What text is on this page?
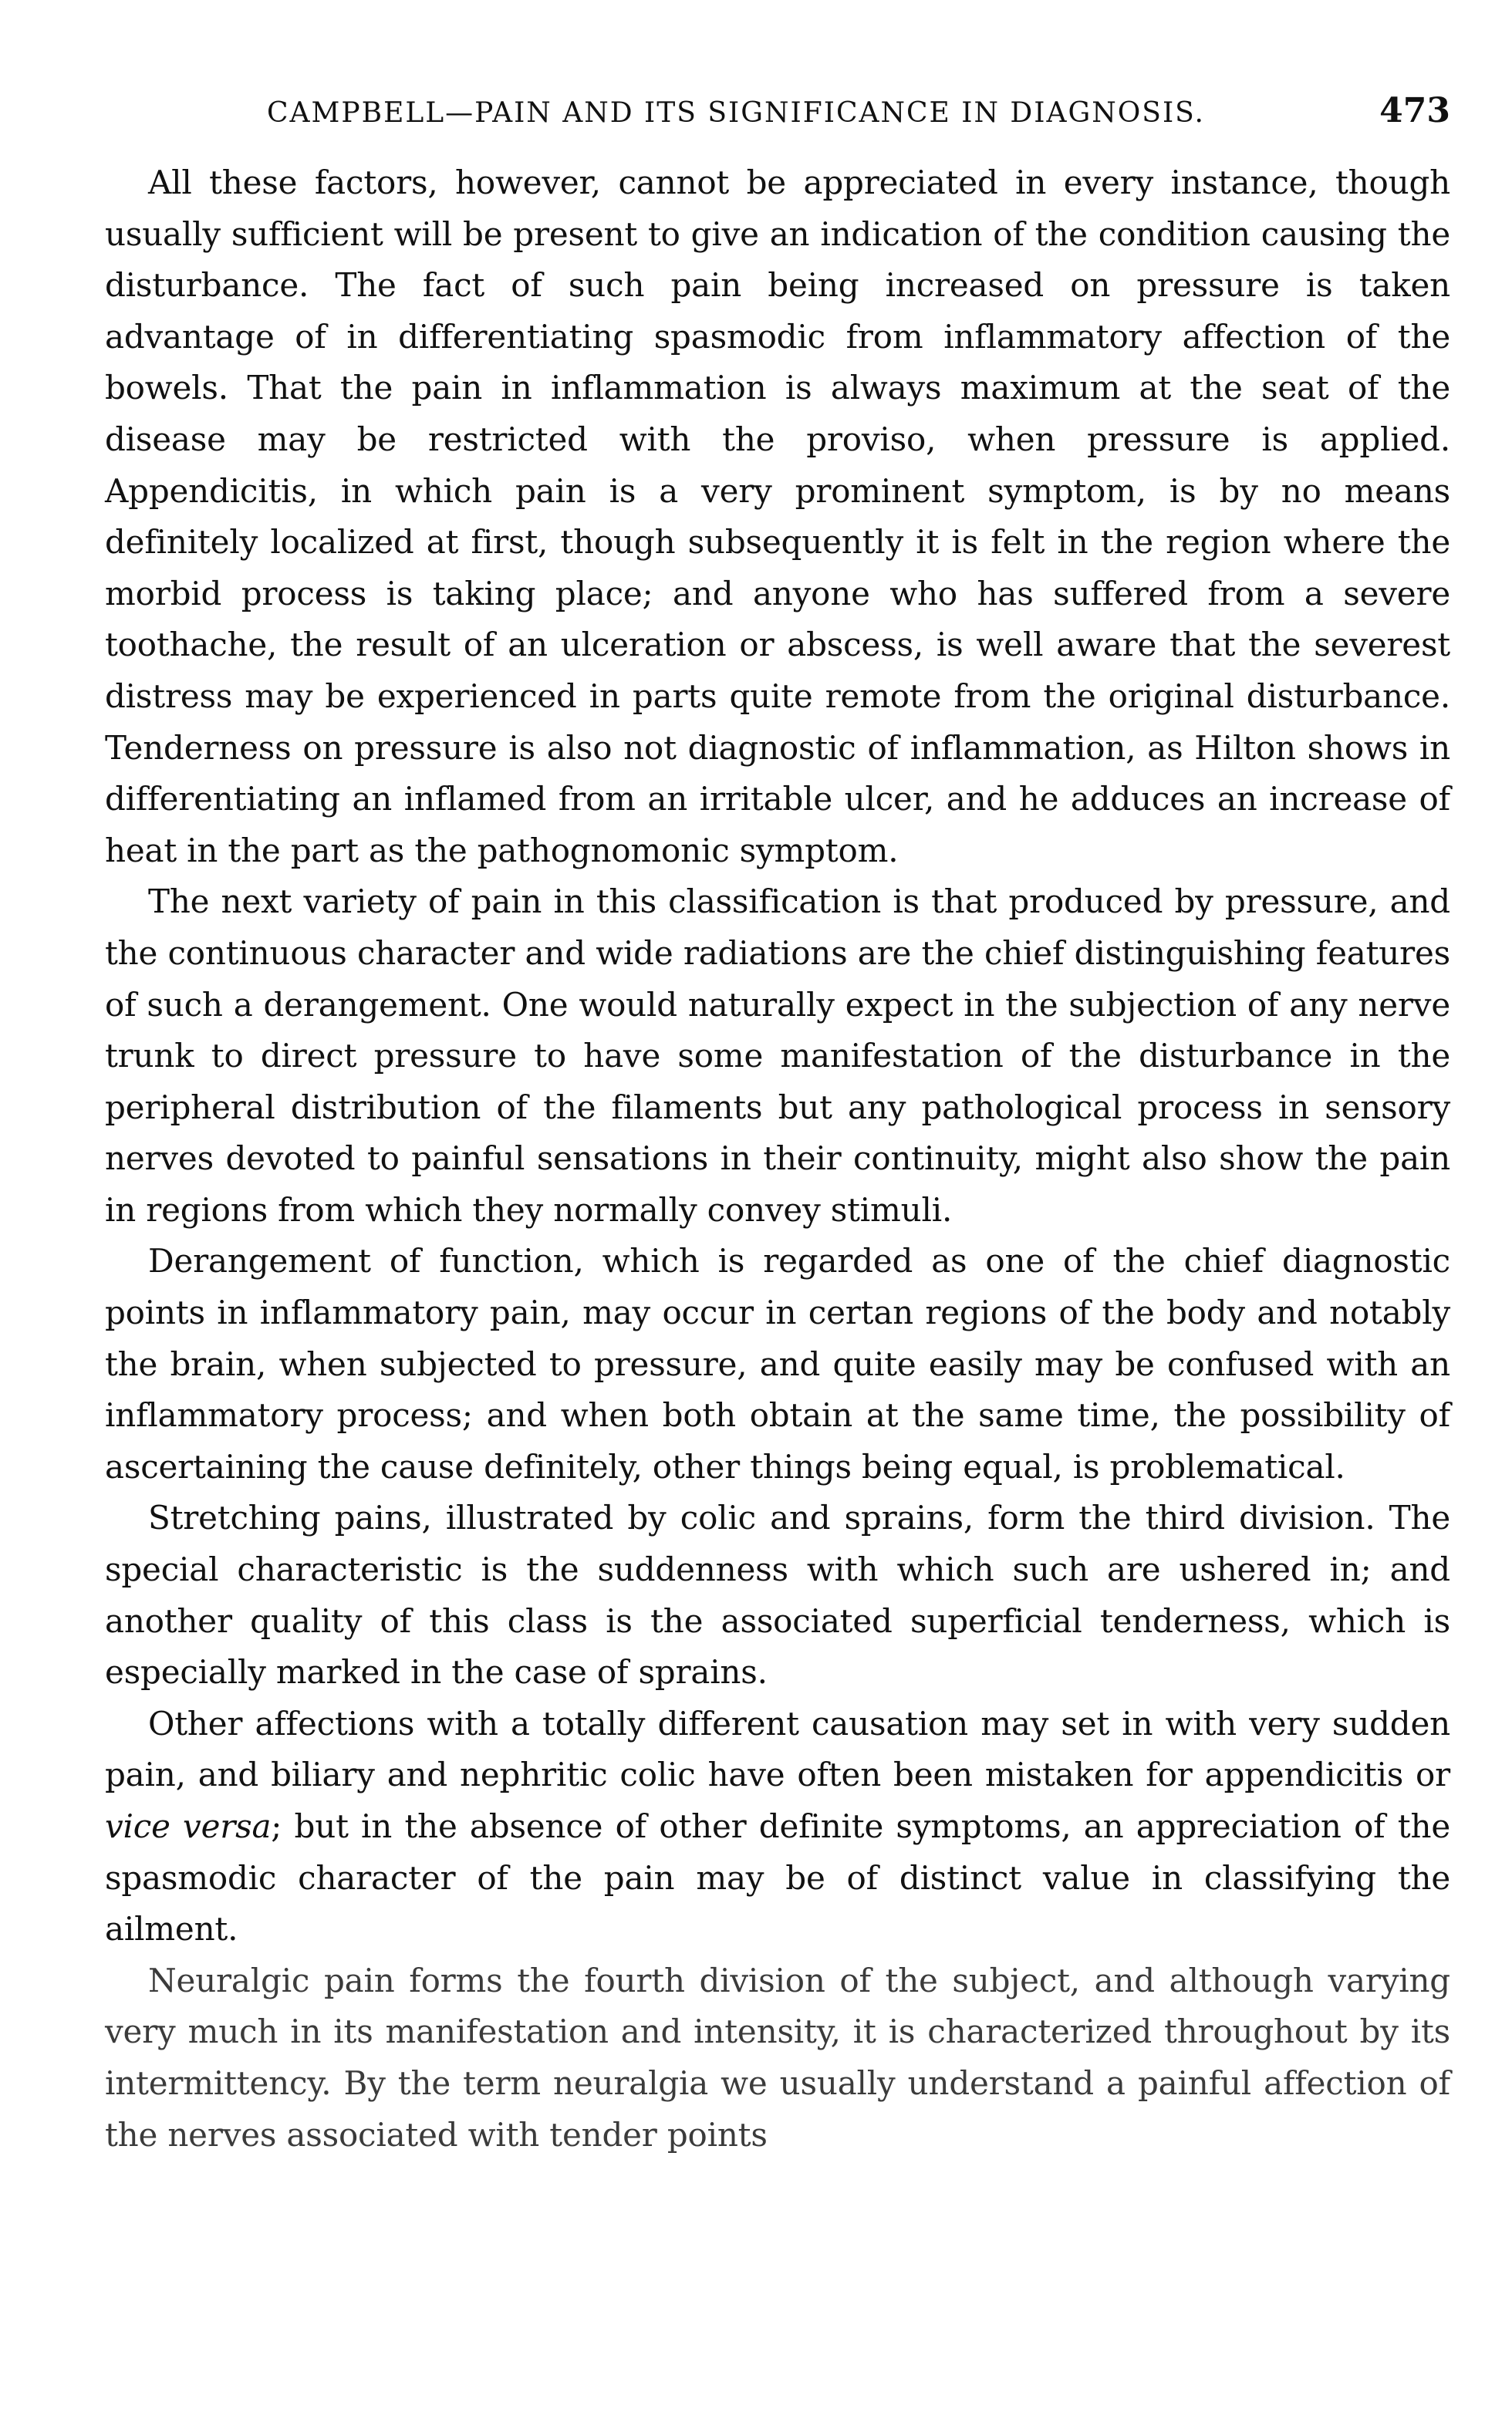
CAMPBELL—PAIN AND ITS SIGNIFICANCE IN DIAGNOSIS.	473

All these factors, however, cannot be appreciated in every instance, though usually sufficient will be present to give an indication of the condition causing the disturbance. The fact of such pain being increased on pressure is taken advantage of in differentiating spasmodic from inflammatory affection of the bowels. That the pain in inflammation is always maximum at the seat of the disease may be restricted with the proviso, when pressure is applied. Appendicitis, in which pain is a very prominent symptom, is by no means definitely localized at first, though subsequently it is felt in the region where the morbid process is taking place; and anyone who has suffered from a severe toothache, the result of an ulceration or abscess, is well aware that the severest distress may be experienced in parts quite remote from the original disturbance. Tenderness on pressure is also not diagnostic of inflammation, as Hilton shows in differentiating an inflamed from an irritable ulcer, and he adduces an increase of heat in the part as the pathognomonic symptom.

The next variety of pain in this classification is that produced by pressure, and the continuous character and wide radiations are the chief distinguishing features of such a derangement. One would naturally expect in the subjection of any nerve trunk to direct pressure to have some manifestation of the disturbance in the peripheral distribution of the filaments but any pathological process in sensory nerves devoted to painful sensations in their continuity, might also show the pain in regions from which they normally convey stimuli.

Derangement of function, which is regarded as one of the chief diagnostic points in inflammatory pain, may occur in certan regions of the body and notably the brain, when subjected to pressure, and quite easily may be confused with an inflammatory process; and when both obtain at the same time, the possibility of ascertaining the cause definitely, other things being equal, is problematical.

Stretching pains, illustrated by colic and sprains, form the third division. The special characteristic is the suddenness with which such are ushered in; and another quality of this class is the associated superficial tenderness, which is especially marked in the case of sprains.

Other affections with a totally different causation may set in with very sudden pain, and biliary and nephritic colic have often been mistaken for appendicitis or vice versa; but in the absence of other definite symptoms, an appreciation of the spasmodic character of the pain may be of distinct value in classifying the ailment.

Neuralgic pain forms the fourth division of the subject, and although varying very much in its manifestation and intensity, it is characterized throughout by its intermittency. By the term neuralgia we usually understand a painful affection of the nerves associated with tender points
